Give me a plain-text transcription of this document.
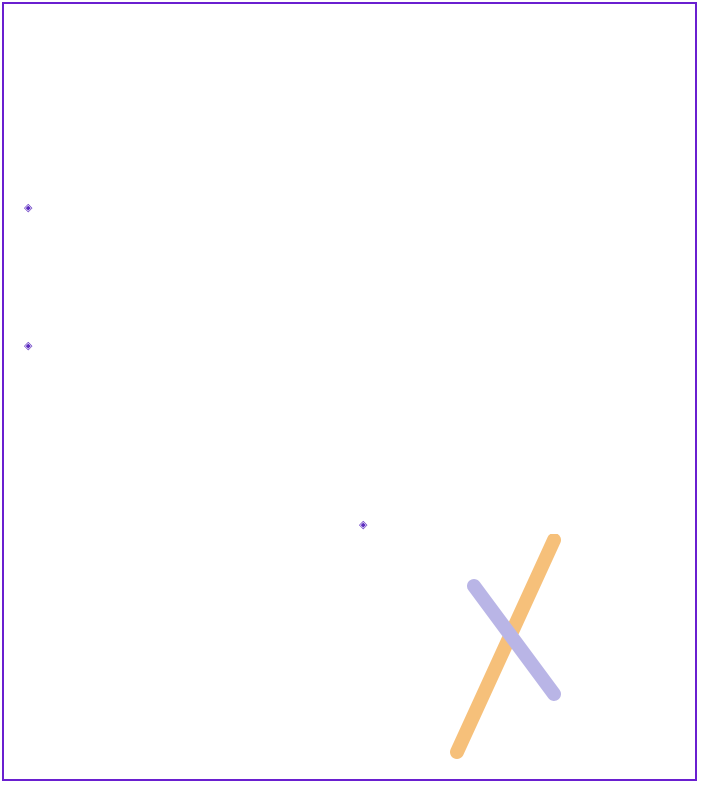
◈
◈
◈
